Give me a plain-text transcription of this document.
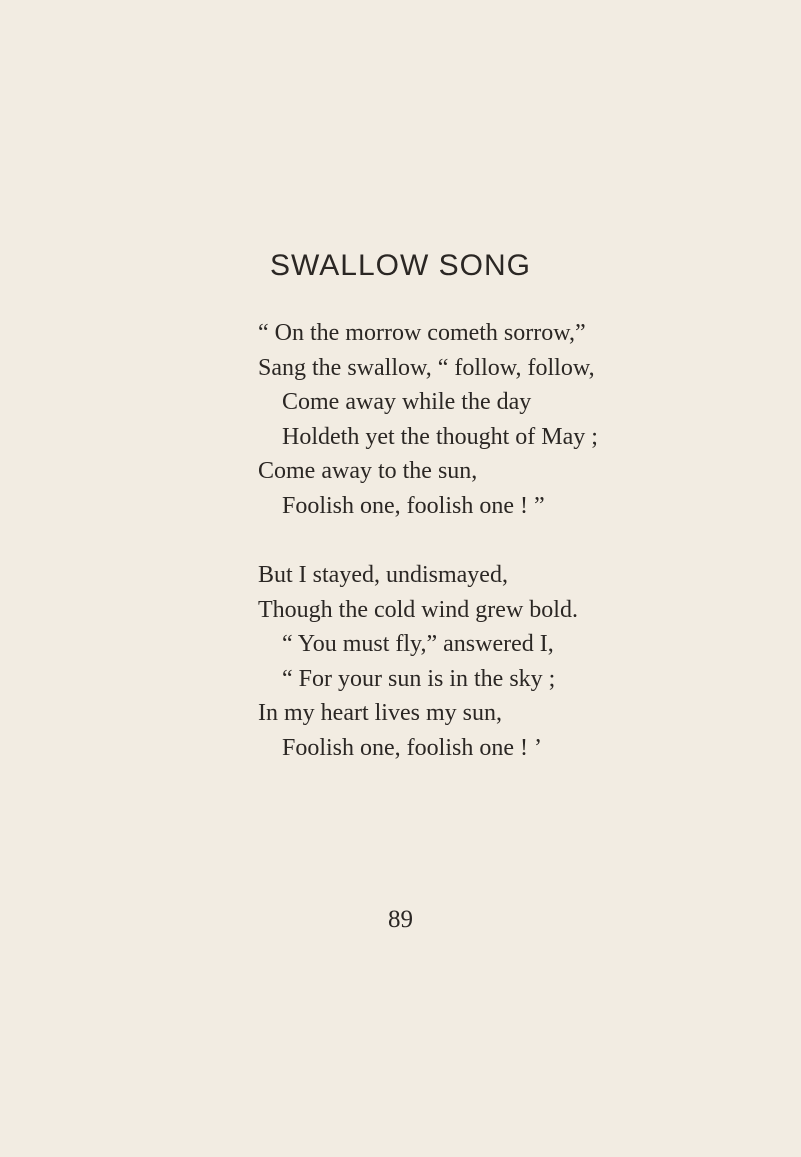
SWALLOW SONG

“ On the morrow cometh sorrow,”
Sang the swallow, “ follow, follow,
Come away while the day
Holdeth yet the thought of May ;
Come away to the sun,
Foolish one, foolish one ! ”

But I stayed, undismayed,
Though the cold wind grew bold.
“ You must fly,” answered I,
“ For your sun is in the sky ;
In my heart lives my sun,
Foolish one, foolish one ! ’

89
